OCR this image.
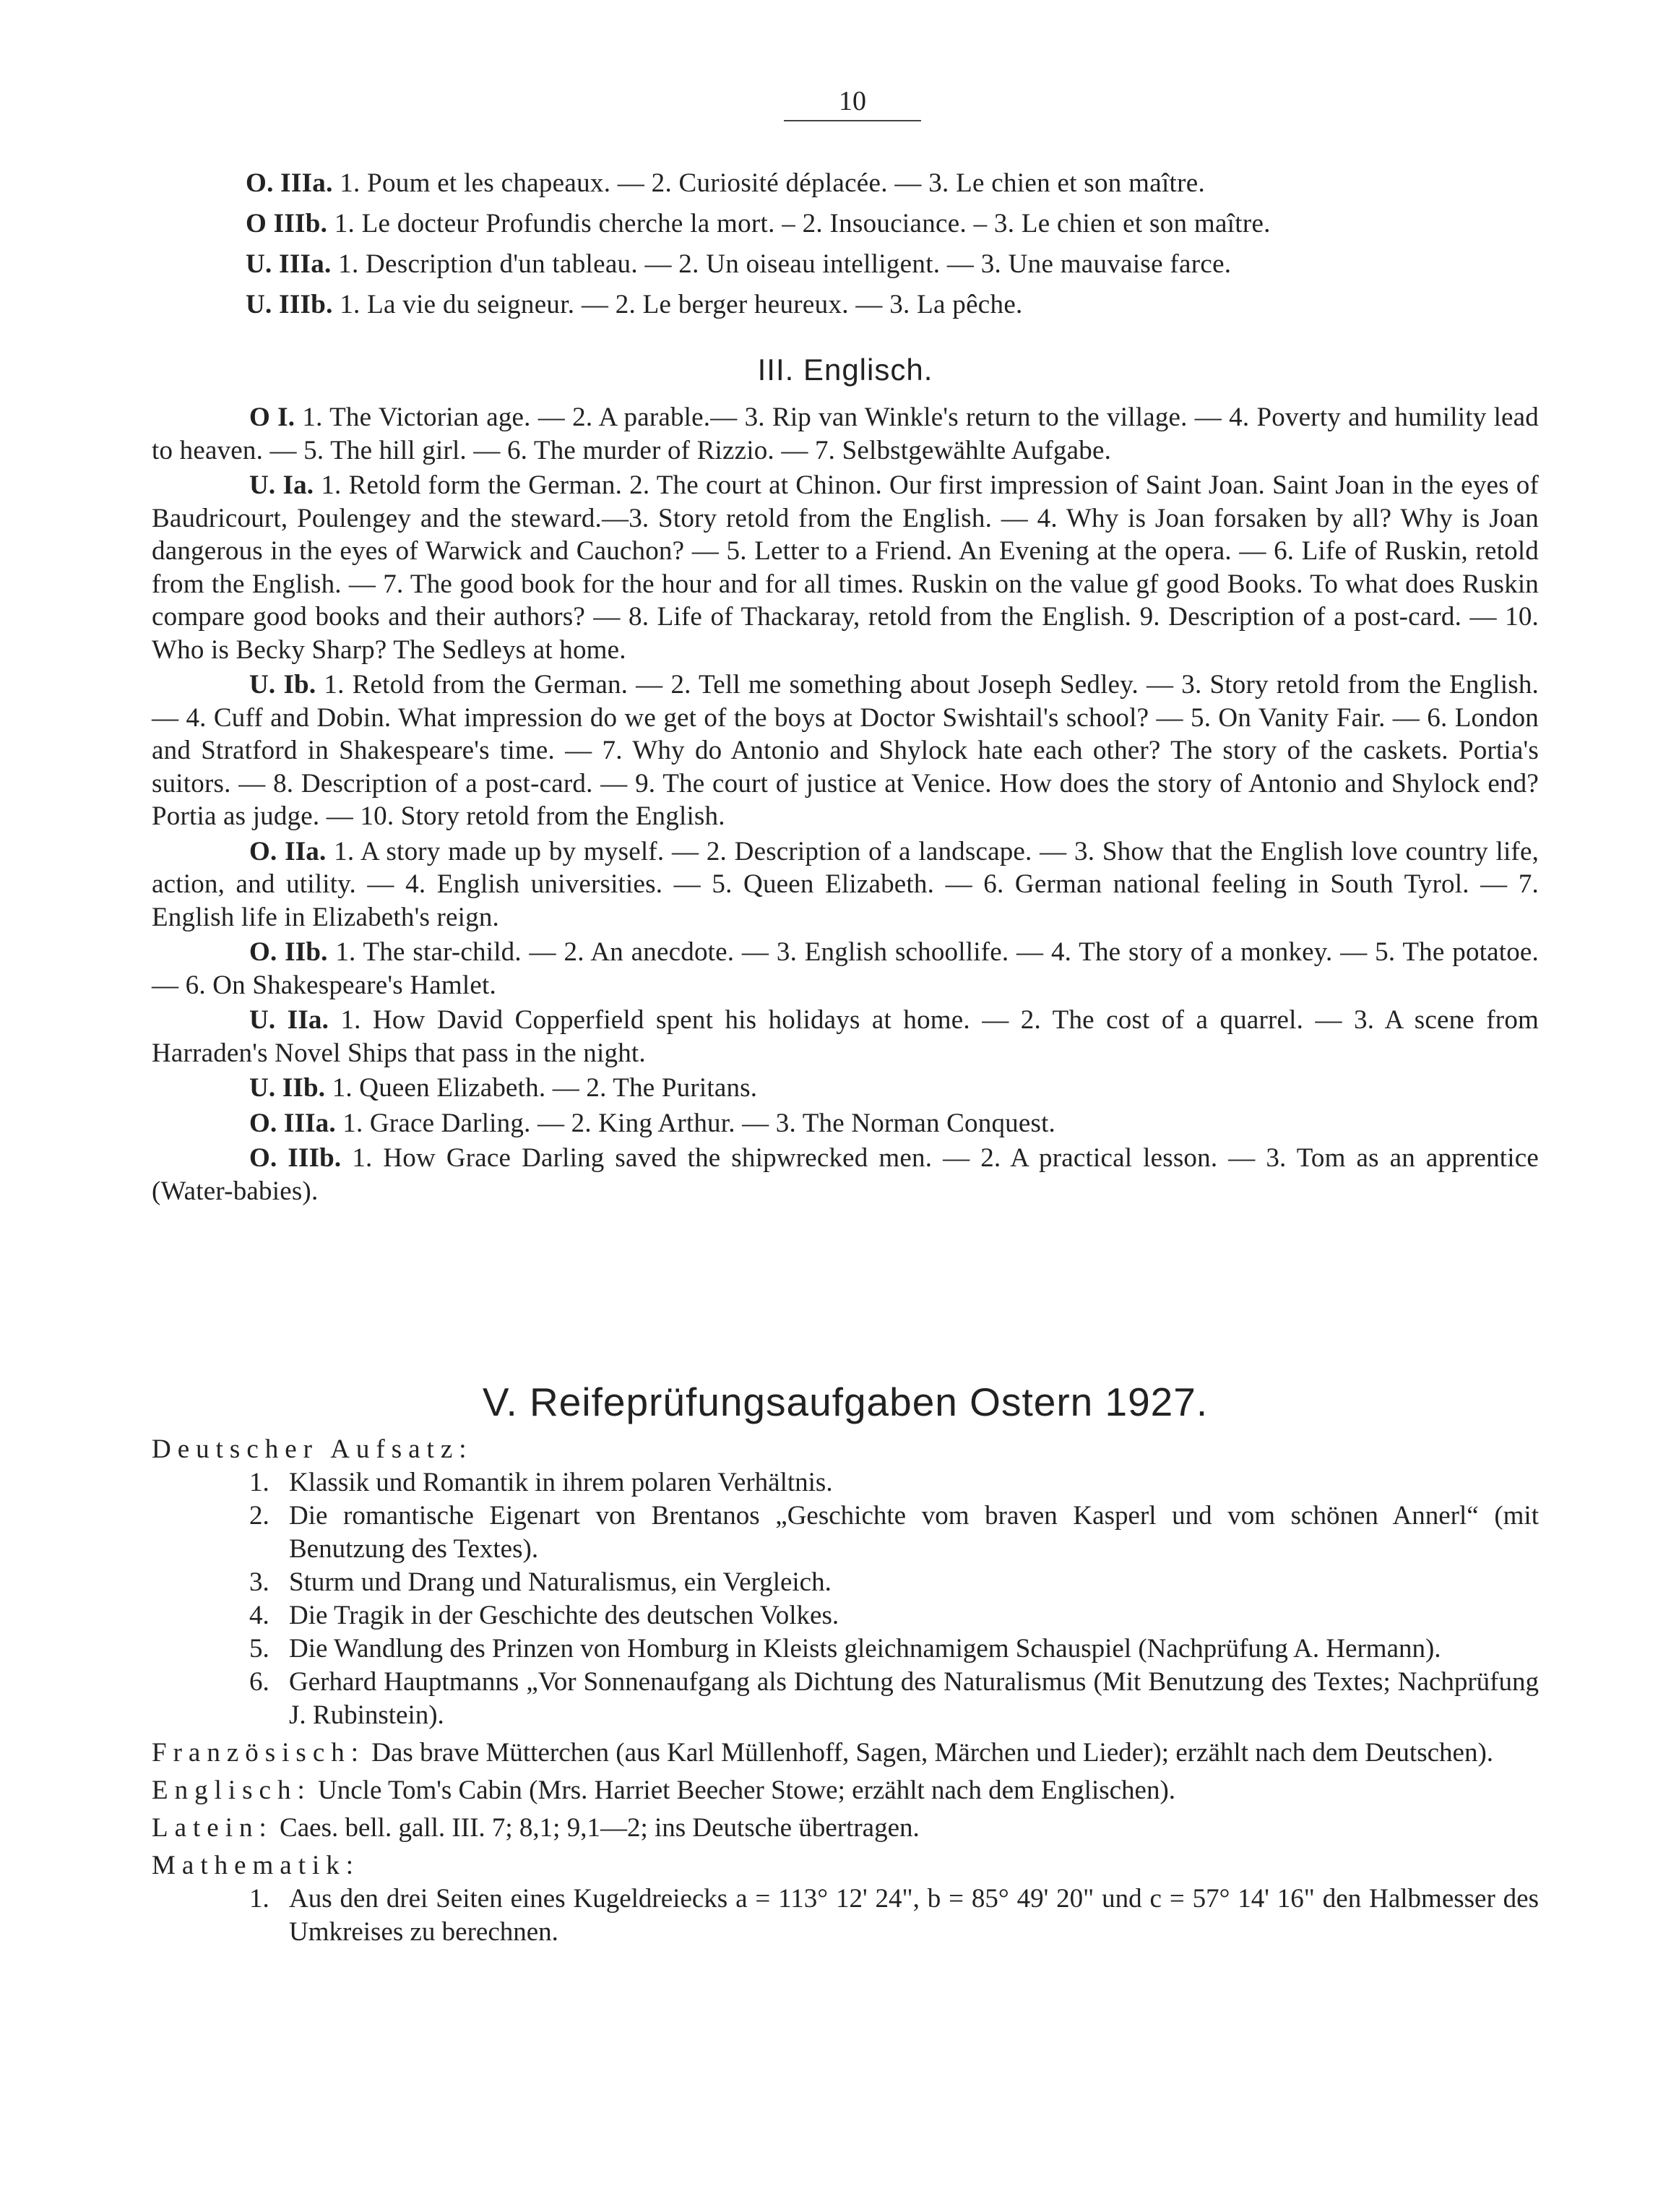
10
O. IIIa. 1. Poum et les chapeaux. — 2. Curiosité déplacée. — 3. Le chien et son maître.
O IIIb. 1. Le docteur Profundis cherche la mort. – 2. Insouciance. – 3. Le chien et son maître.
U. IIIa. 1. Description d'un tableau. — 2. Un oiseau intelligent. — 3. Une mauvaise farce.
U. IIIb. 1. La vie du seigneur. — 2. Le berger heureux. — 3. La pêche.
III. Englisch.

O I. 1. The Victorian age. — 2. A parable.— 3. Rip van Winkle's return to the village. — 4. Poverty and humility lead to heaven. — 5. The hill girl. — 6. The murder of Rizzio. — 7. Selbstgewählte Aufgabe.

U. Ia. 1. Retold form the German. 2. The court at Chinon. Our first impression of Saint Joan. Saint Joan in the eyes of Baudricourt, Poulengey and the steward.—3. Story retold from the English. — 4. Why is Joan forsaken by all? Why is Joan dangerous in the eyes of Warwick and Cauchon? — 5. Letter to a Friend. An Evening at the opera. — 6. Life of Ruskin, retold from the English. — 7. The good book for the hour and for all times. Ruskin on the value gf good Books. To what does Ruskin compare good books and their authors? — 8. Life of Thackaray, retold from the English. 9. Description of a post-card. — 10. Who is Becky Sharp? The Sedleys at home.

U. Ib. 1. Retold from the German. — 2. Tell me something about Joseph Sedley. — 3. Story retold from the English. — 4. Cuff and Dobin. What impression do we get of the boys at Doctor Swishtail's school? — 5. On Vanity Fair. — 6. London and Stratford in Shakespeare's time. — 7. Why do Antonio and Shylock hate each other? The story of the caskets. Portia's suitors. — 8. Description of a post-card. — 9. The court of justice at Venice. How does the story of Antonio and Shylock end? Portia as judge. — 10. Story retold from the English.

O. IIa. 1. A story made up by myself. — 2. Description of a landscape. — 3. Show that the English love country life, action, and utility. — 4. English universities. — 5. Queen Elizabeth. — 6. German national feeling in South Tyrol. — 7. English life in Elizabeth's reign.

O. IIb. 1. The star-child. — 2. An anecdote. — 3. English schoollife. — 4. The story of a monkey. — 5. The potatoe. — 6. On Shakespeare's Hamlet.

U. IIa. 1. How David Copperfield spent his holidays at home. — 2. The cost of a quarrel. — 3. A scene from Harraden's Novel Ships that pass in the night.

U. IIb. 1. Queen Elizabeth. — 2. The Puritans.

O. IIIa. 1. Grace Darling. — 2. King Arthur. — 3. The Norman Conquest.

O. IIIb. 1. How Grace Darling saved the shipwrecked men. — 2. A practical lesson. — 3. Tom as an apprentice (Water-babies).

V. Reifeprüfungsaufgaben Ostern 1927.
Deutscher Aufsatz:
1. Klassik und Romantik in ihrem polaren Verhältnis.
2. Die romantische Eigenart von Brentanos „Geschichte vom braven Kasperl und vom schönen Annerl“ (mit Benutzung des Textes).
3. Sturm und Drang und Naturalismus, ein Vergleich.
4. Die Tragik in der Geschichte des deutschen Volkes.
5. Die Wandlung des Prinzen von Homburg in Kleists gleichnamigem Schauspiel (Nachprüfung A. Hermann).
6. Gerhard Hauptmanns „Vor Sonnenaufgang als Dichtung des Naturalismus (Mit Benutzung des Textes; Nachprüfung J. Rubinstein).

Französisch: Das brave Mütterchen (aus Karl Müllenhoff, Sagen, Märchen und Lieder); erzählt nach dem Deutschen).

Englisch: Uncle Tom's Cabin (Mrs. Harriet Beecher Stowe; erzählt nach dem Englischen).

Latein: Caes. bell. gall. III. 7; 8,1; 9,1—2; ins Deutsche übertragen.

Mathematik:
1. Aus den drei Seiten eines Kugeldreiecks a = 113° 12' 24", b = 85° 49' 20" und c = 57° 14' 16" den Halbmesser des Umkreises zu berechnen.
